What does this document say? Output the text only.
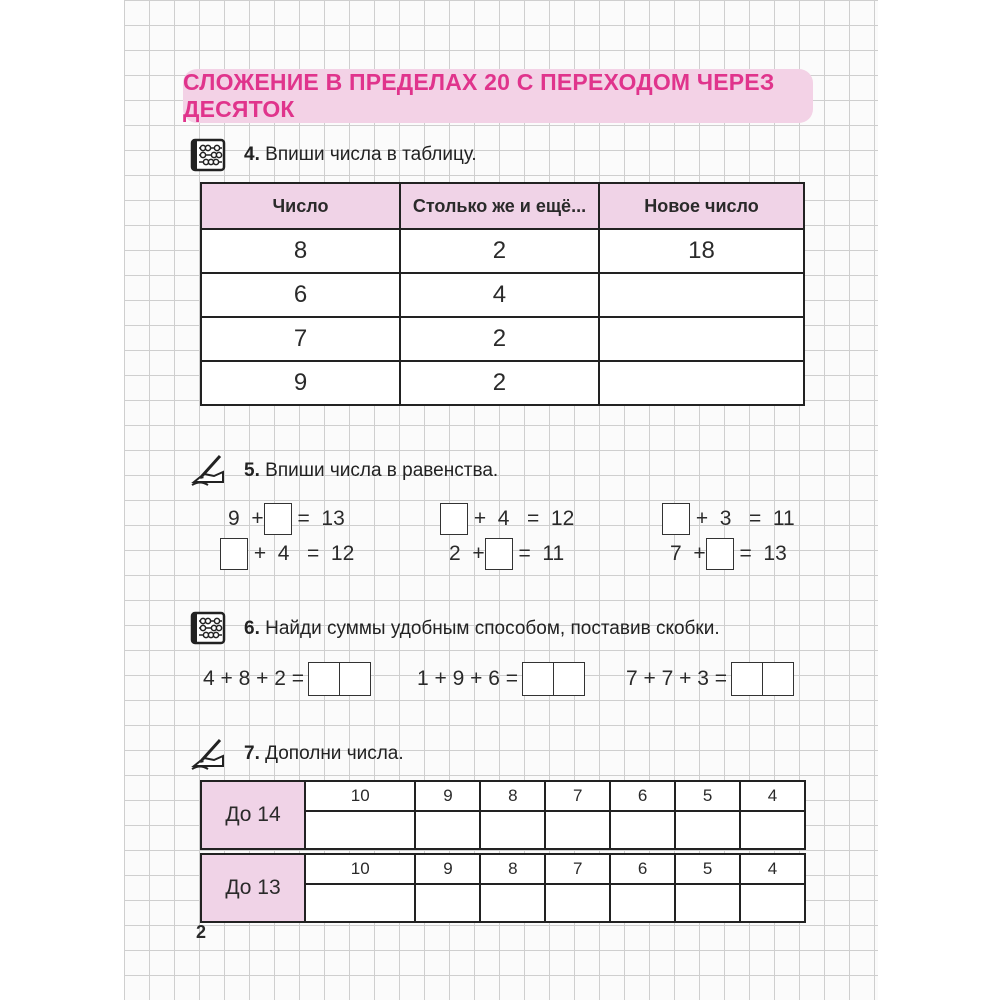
СЛОЖЕНИЕ В ПРЕДЕЛАХ 20 С ПЕРЕХОДОМ ЧЕРЕЗ ДЕСЯТОК
4. Впиши числа в таблицу.
Число	Столько же и ещё...	Новое число
8	2	18
6	4	
7	2	
9	2	
5. Впиши числа в равенства.
9
+
=
13
	+
4
=
12
	+
3
=
11

+
4
=
12	2
+
=
11	7
+
=
13
6. Найди суммы удобным способом, поставив скобки.
4 + 8 + 2 =	1 + 9 + 6 =	7 + 7 + 3 =
7. Дополни числа.
До 14	10	9	8	7	6	5	4

До 13	10	9	8	7	6	5	4

2
